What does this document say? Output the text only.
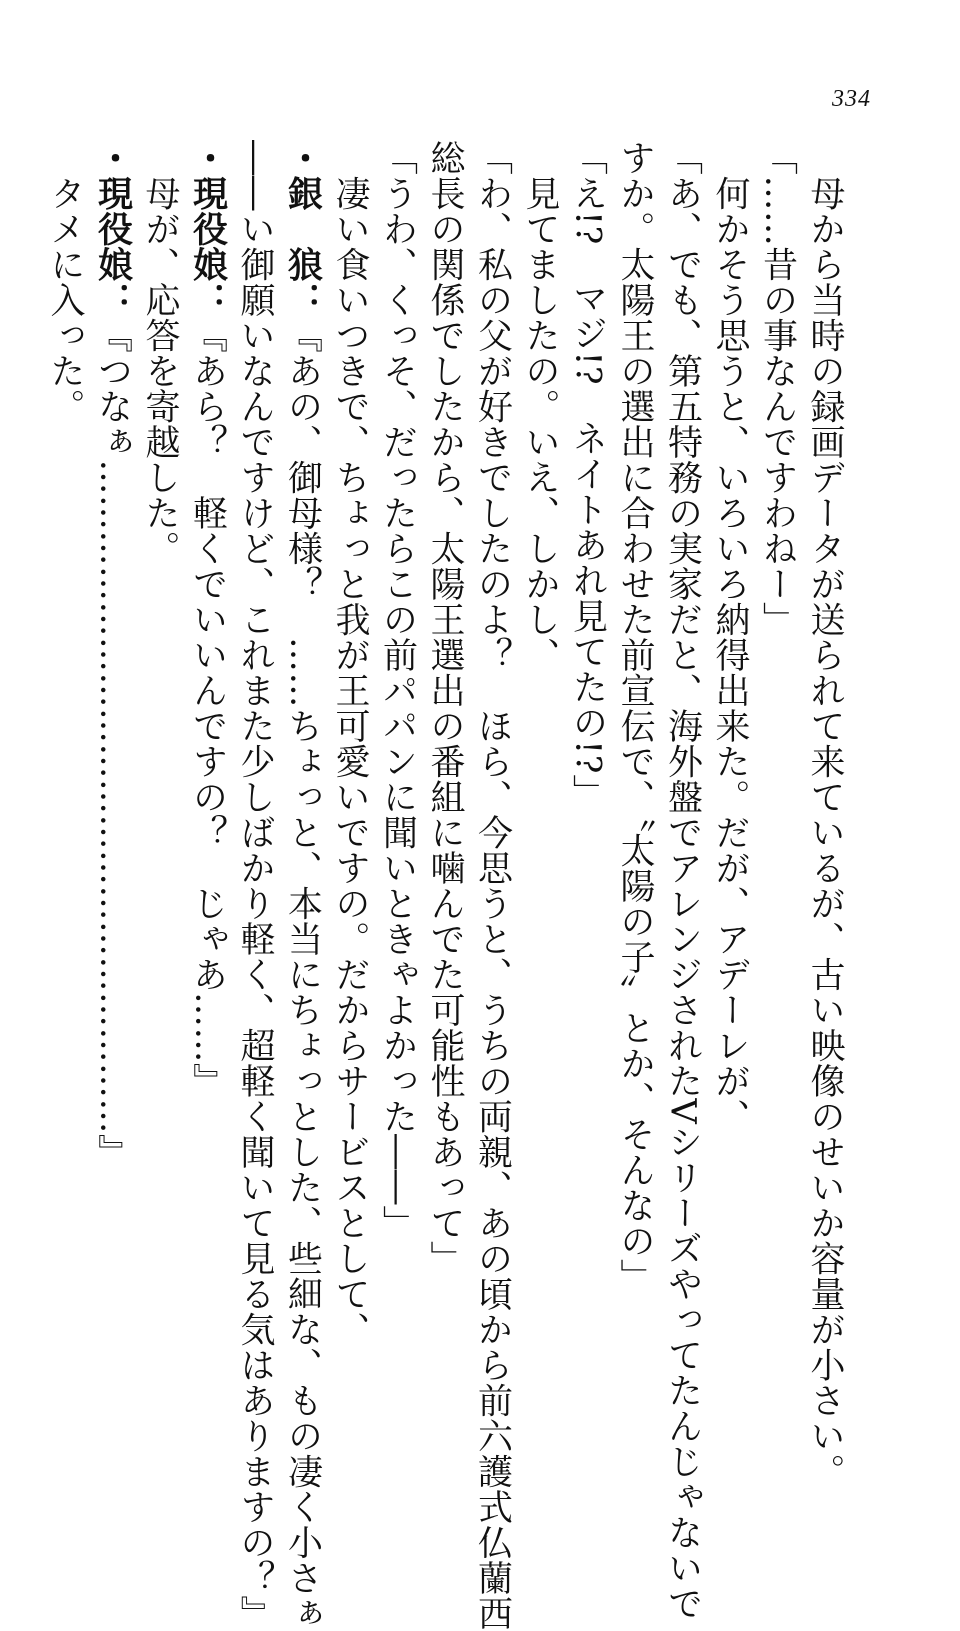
334
　母から当時の録画データが送られて来ているが、古い映像のせいか容量が小さい。
「……昔の事なんですわねー」
　何かそう思うと、いろいろ納得出来た。だが、アデーレが、
「あ、でも、第五特務の実家だと、海外盤でアレンジされたVシリーズやってたんじゃないで
すか。太陽王の選出に合わせた前宣伝で、〝太陽の子〟とか、そんなの」
「え!?　マジ!?　ネイトあれ見てたの!?」
　見てましたの。いえ、しかし、
「わ、私の父が好きでしたのよ？　ほら、今思うと、うちの両親、あの頃から前六護式仏蘭西
総長の関係でしたから、太陽王選出の番組に噛んでた可能性もあって」
「うわ、くっそ、だったらこの前パパンに聞いときゃよかった――」
　凄い食いつきで、ちょっと我が王可愛いですの。だからサービスとして、
・銀　狼：『あの、御母様？　……ちょっと、本当にちょっとした、些細な、もの凄く小さぁ
――い御願いなんですけど、これまた少しばかり軽く、超軽く聞いて見る気はありますの？』
・現役娘：『あら？　軽くでいいんですの？　じゃあ……』
　母が、応答を寄越した。
・現役娘：『つなぁ…………………………………………………』
　タメに入った。
